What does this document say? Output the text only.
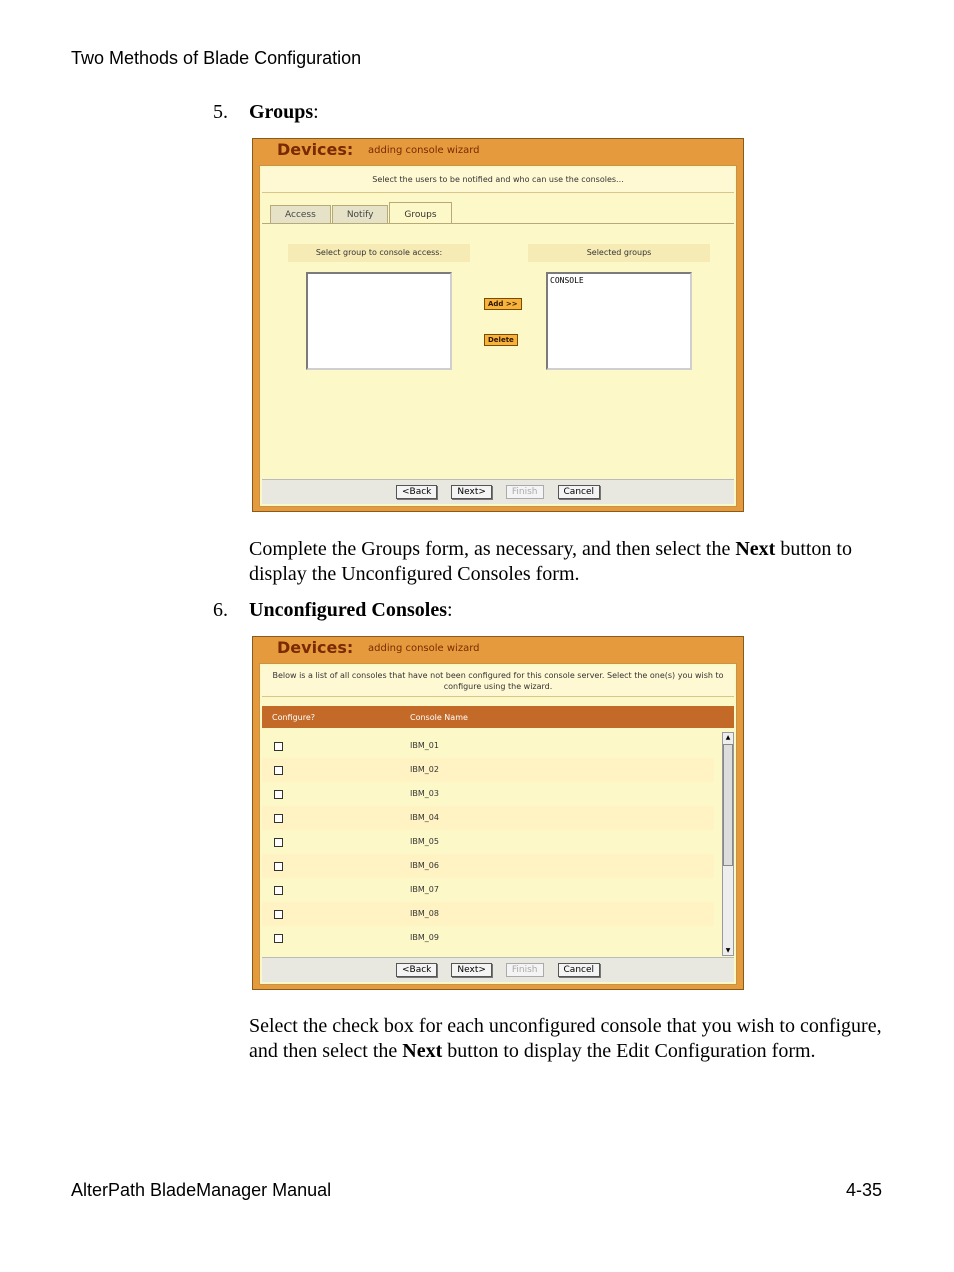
Two Methods of Blade Configuration
5. Groups:
Devices: adding console wizard
Select the users to be notified and who can use the consoles...
Access	Notify	Groups
Select group to console access:	Selected groups
CONSOLE
Add >>
Delete
<Back	Next>	Finish	Cancel
Complete the Groups form, as necessary, and then select the Next button to display the Unconfigured Consoles form.
6. Unconfigured Consoles:
Devices: adding console wizard
Below is a list of all consoles that have not been configured for this console server. Select the one(s) you wish to configure using the wizard.
Configure?	Console Name
IBM_01
IBM_02
IBM_03
IBM_04
IBM_05
IBM_06
IBM_07
IBM_08
IBM_09
▲
▼
<Back	Next>	Finish	Cancel
Select the check box for each unconfigured console that you wish to configure, and then select the Next button to display the Edit Configuration form.
AlterPath BladeManager Manual	4-35
